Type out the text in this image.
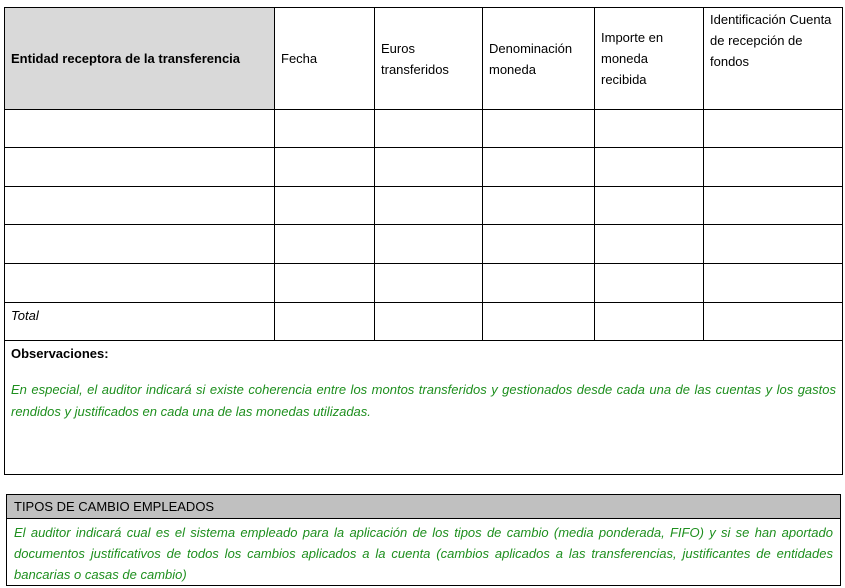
Entidad receptora de la transferencia	Fecha
Euros transferidos
Denominación moneda
Importe en moneda recibida
Identificación Cuenta de recepción de fondos
Total
Observaciones:
En especial, el auditor indicará si existe coherencia entre los montos transferidos y gestionados desde cada una de las cuentas y los gastos rendidos y justificados en cada una de las monedas utilizadas.
TIPOS DE CAMBIO EMPLEADOS
El auditor indicará cual es el sistema empleado para la aplicación de los tipos de cambio (media ponderada, FIFO) y si se han aportado documentos justificativos de todos los cambios aplicados a la cuenta (cambios aplicados a las transferencias, justificantes de entidades bancarias o casas de cambio)
